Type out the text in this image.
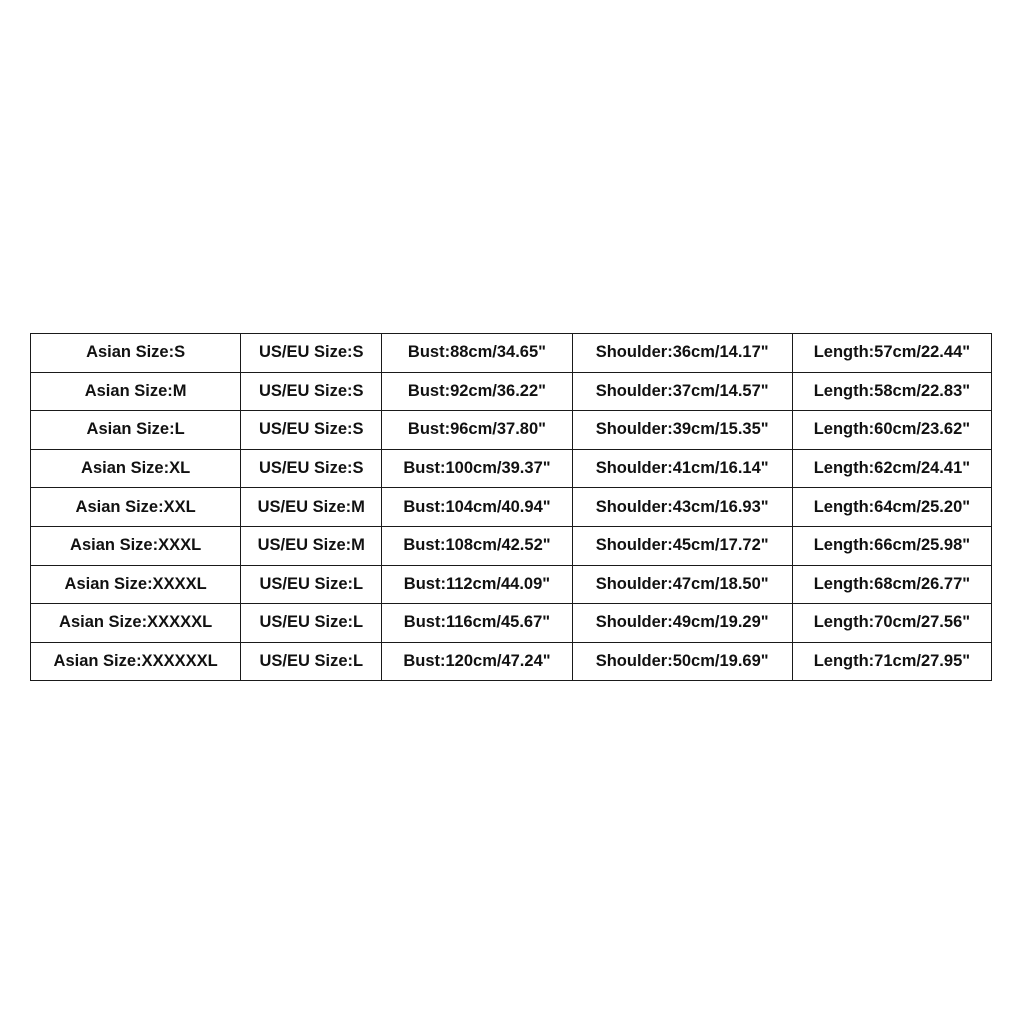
Asian Size:S	US/EU Size:S	Bust:88cm/34.65"	Shoulder:36cm/14.17"	Length:57cm/22.44"
Asian Size:M	US/EU Size:S	Bust:92cm/36.22"	Shoulder:37cm/14.57"	Length:58cm/22.83"
Asian Size:L	US/EU Size:S	Bust:96cm/37.80"	Shoulder:39cm/15.35"	Length:60cm/23.62"
Asian Size:XL	US/EU Size:S	Bust:100cm/39.37"	Shoulder:41cm/16.14"	Length:62cm/24.41"
Asian Size:XXL	US/EU Size:M	Bust:104cm/40.94"	Shoulder:43cm/16.93"	Length:64cm/25.20"
Asian Size:XXXL	US/EU Size:M	Bust:108cm/42.52"	Shoulder:45cm/17.72"	Length:66cm/25.98"
Asian Size:XXXXL	US/EU Size:L	Bust:112cm/44.09"	Shoulder:47cm/18.50"	Length:68cm/26.77"
Asian Size:XXXXXL	US/EU Size:L	Bust:116cm/45.67"	Shoulder:49cm/19.29"	Length:70cm/27.56"
Asian Size:XXXXXXL	US/EU Size:L	Bust:120cm/47.24"	Shoulder:50cm/19.69"	Length:71cm/27.95"
